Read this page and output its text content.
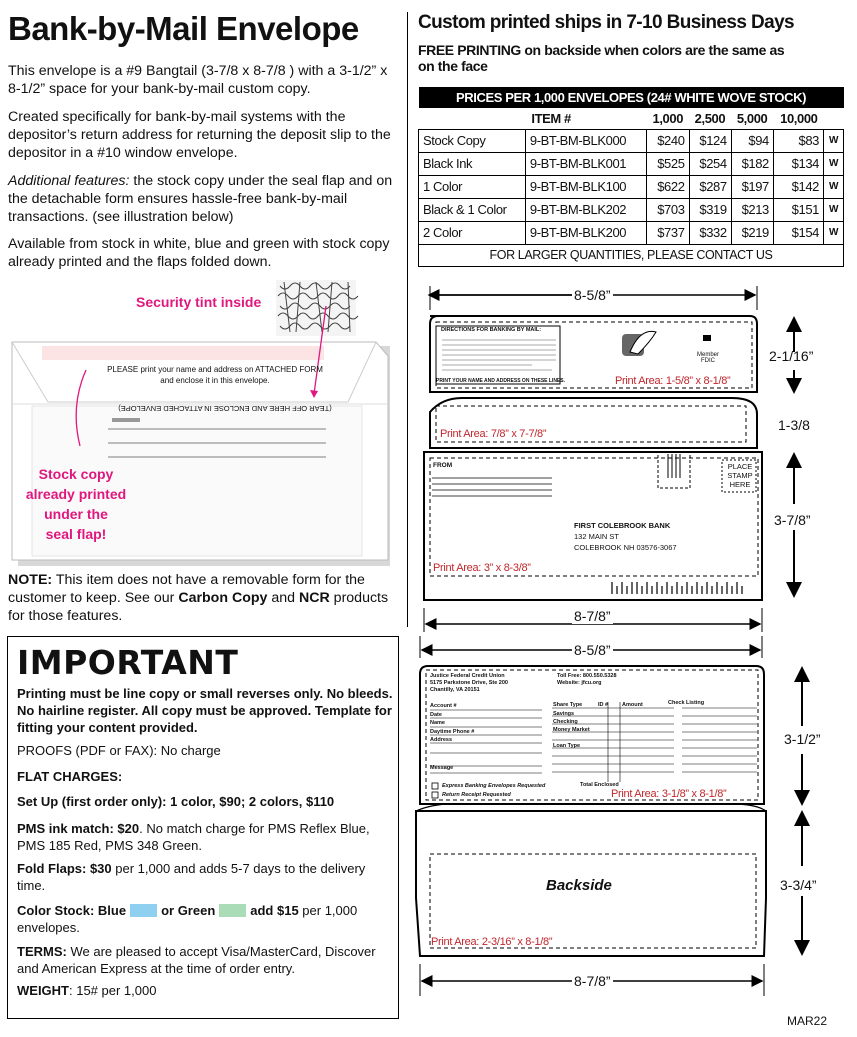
Bank-by-Mail Envelope
This envelope is a #9 Bangtail (3-7/8 x 8-7/8 ) with a 3-1/2” x 8-1/2” space for your bank-by-mail custom copy.
Created specifically for bank-by-mail systems with the depositor’s return address for returning the deposit slip to the depositor in a #10 window envelope.
Additional features: the stock copy under the seal flap and on the detachable form ensures hassle-free bank-by-mail transactions. (see illustration below)
Available from stock in white, blue and green with stock copy already printed and the flaps folded down.
PLEASE print your name and address on ATTACHED FORM
and enclose it in this envelope.
(TEAR OFF HERE AND ENCLOSE IN ATTACHED ENVELOPE)
Security tint inside
Stock copy
already printed
under the
seal flap!
NOTE: This item does not have a removable form for the customer to keep. See our Carbon Copy and NCR products for those features.
IMPORTANT
Printing must be line copy or small reverses only. No bleeds. No hairline register. All copy must be approved. Template for fitting your content provided.
PROOFS (PDF or FAX): No charge
FLAT CHARGES:
Set Up (first order only): 1 color, $90; 2 colors, $110
PMS ink match: $20. No match charge for PMS Reflex Blue, PMS 185 Red, PMS 348 Green.
Fold Flaps: $30 per 1,000 and adds 5-7 days to the delivery time.
Color Stock: Blue	or Green	add $15 per 1,000 envelopes.
TERMS: We are pleased to accept Visa/MasterCard, Discover and American Express at the time of order entry.
WEIGHT: 15# per 1,000
Custom printed ships in 7-10 Business Days
FREE PRINTING on backside when colors are the same as on the face
PRICES PER 1,000 ENVELOPES (24# WHITE WOVE STOCK)						
	ITEM #	1,000	2,500	5,000	10,000	
Stock Copy	9-BT-BM-BLK000	$240	$124	$94	$83	W
Black Ink	9-BT-BM-BLK001	$525	$254	$182	$134	W
1 Color	9-BT-BM-BLK100	$622	$287	$197	$142	W
Black & 1 Color	9-BT-BM-BLK202	$703	$319	$213	$151	W
2 Color	9-BT-BM-BLK200	$737	$332	$219	$154	W
FOR LARGER QUANTITIES, PLEASE CONTACT US						
8-5/8”
2-1/16”
1-3/8
3-7/8”
8-7/8”
DIRECTIONS FOR BANKING BY MAIL:
PRINT YOUR NAME AND ADDRESS ON THESE LINES.
Member FDIC
Print Area: 1-5/8” x 8-1/8”
Print Area: 7/8” x 7-7/8”
FROM	PLACE
STAMP
HERE
FIRST COLEBROOK BANK
132 MAIN ST
COLEBROOK NH 03576-3067
Print Area: 3” x 8-3/8”
8-5/8”
3-1/2”
3-3/4”
8-7/8”
Justice Federal Credit Union
5175 Parkstone Drive, Ste 200
Chantilly, VA 20151
Toll Free: 800.550.5328
Website: jfcu.org
Account #
Date
Name
Daytime Phone #
Address
Message
Share Type	ID #	Amount	Check Listing
Savings
Checking
Money Market
Loan Type
Total Enclosed
Express Banking Envelopes Requested
Return Receipt Requested	Print Area: 3-1/8” x 8-1/8”
Backside
Print Area: 2-3/16” x 8-1/8”
MAR22
